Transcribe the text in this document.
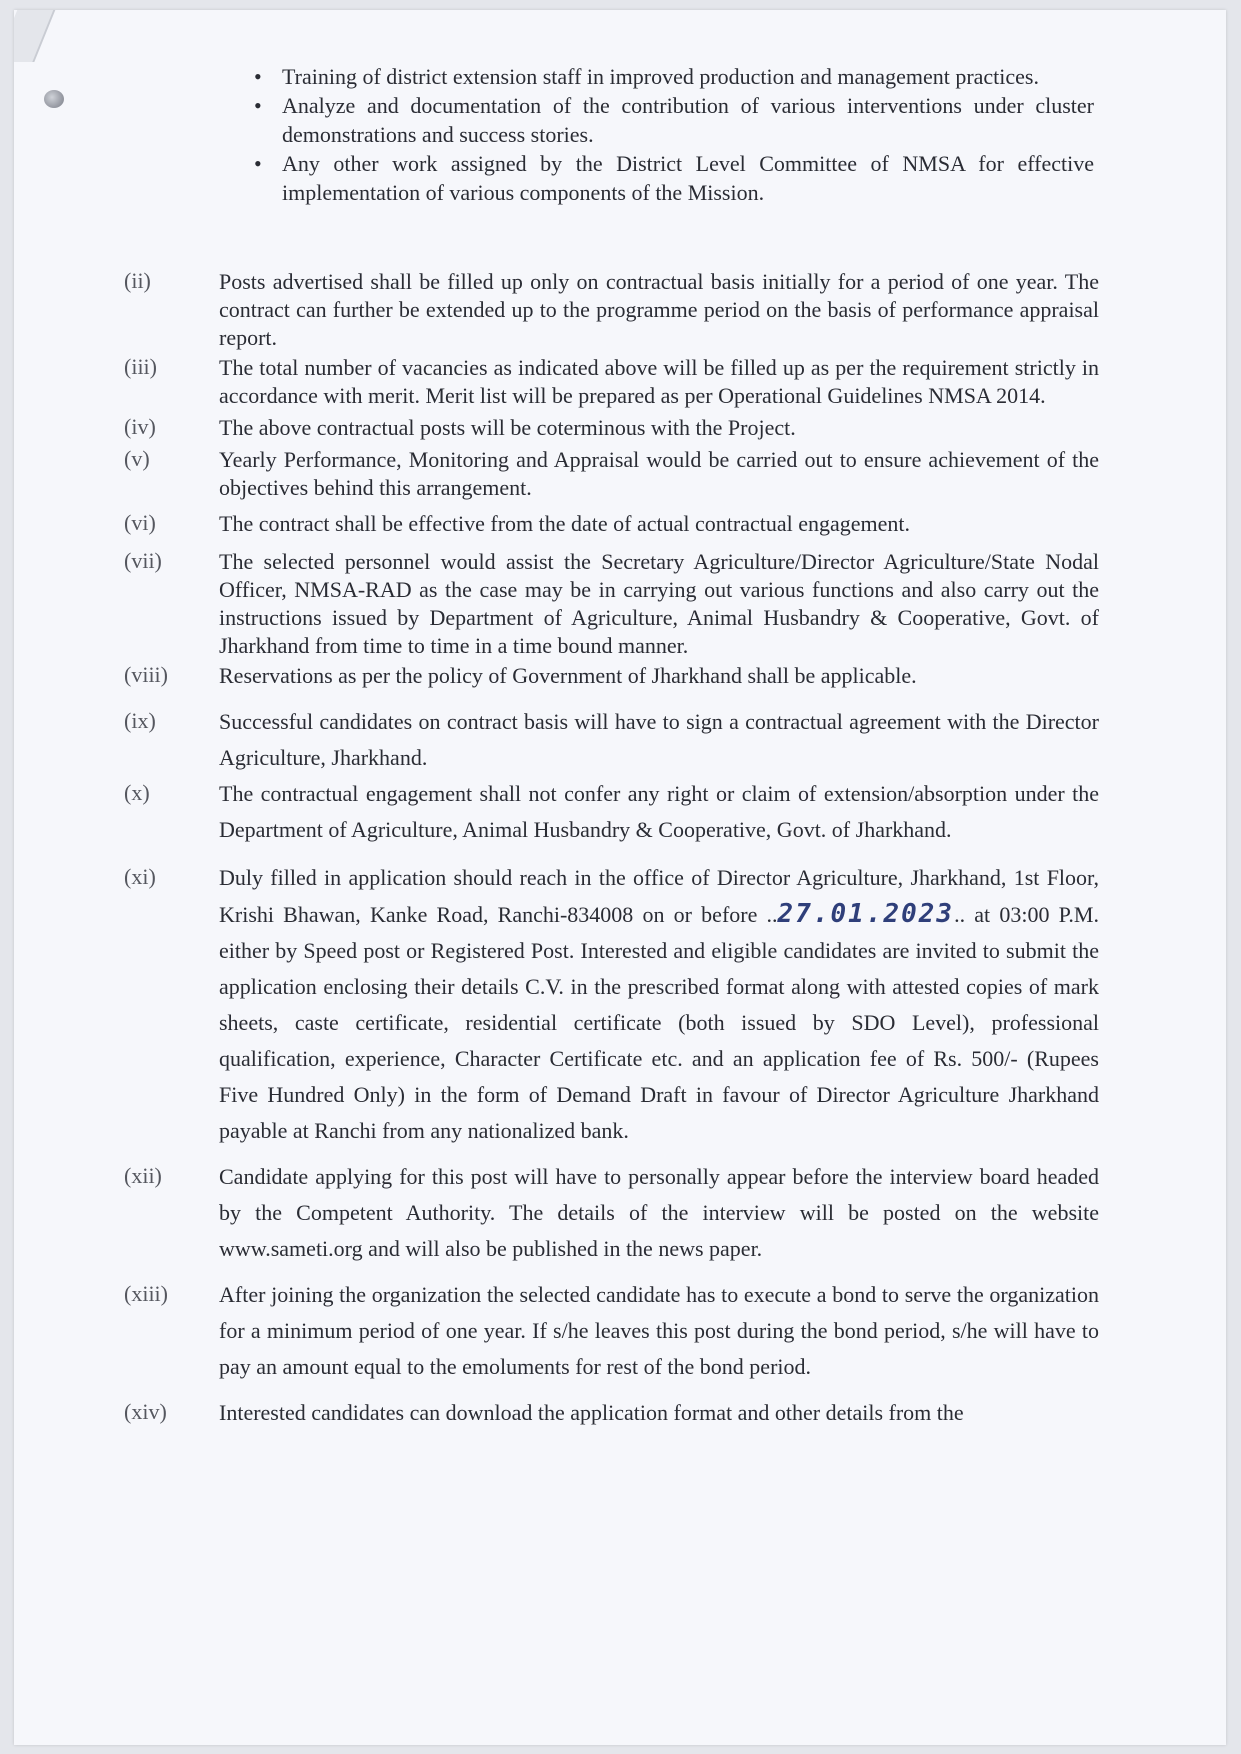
• Training of district extension staff in improved production and management practices.
• Analyze and documentation of the contribution of various interventions under cluster demonstrations and success stories.
• Any other work assigned by the District Level Committee of NMSA for effective implementation of various components of the Mission.
(ii)	Posts advertised shall be filled up only on contractual basis initially for a period of one year. The contract can further be extended up to the programme period on the basis of performance appraisal report.
(iii)	The total number of vacancies as indicated above will be filled up as per the requirement strictly in accordance with merit. Merit list will be prepared as per Operational Guidelines NMSA 2014.
(iv)	The above contractual posts will be coterminous with the Project.
(v)	Yearly Performance, Monitoring and Appraisal would be carried out to ensure achievement of the objectives behind this arrangement.
(vi)	The contract shall be effective from the date of actual contractual engagement.
(vii)	The selected personnel would assist the Secretary Agriculture/Director Agriculture/State Nodal Officer, NMSA-RAD as the case may be in carrying out various functions and also carry out the instructions issued by Department of Agriculture, Animal Husbandry & Cooperative, Govt. of Jharkhand from time to time in a time bound manner.
(viii)	Reservations as per the policy of Government of Jharkhand shall be applicable.
(ix)	Successful candidates on contract basis will have to sign a contractual agreement with the Director Agriculture, Jharkhand.
(x)	The contractual engagement shall not confer any right or claim of extension/absorption under the Department of Agriculture, Animal Husbandry & Cooperative, Govt. of Jharkhand.
(xi)	Duly filled in application should reach in the office of Director Agriculture, Jharkhand, 1st Floor, Krishi Bhawan, Kanke Road, Ranchi-834008 on or before ..27.01.2023.. at 03:00 P.M. either by Speed post or Registered Post. Interested and eligible candidates are invited to submit the application enclosing their details C.V. in the prescribed format along with attested copies of mark sheets, caste certificate, residential certificate (both issued by SDO Level), professional qualification, experience, Character Certificate etc. and an application fee of Rs. 500/- (Rupees Five Hundred Only) in the form of Demand Draft in favour of Director Agriculture Jharkhand payable at Ranchi from any nationalized bank.
(xii)	Candidate applying for this post will have to personally appear before the interview board headed by the Competent Authority. The details of the interview will be posted on the website www.sameti.org and will also be published in the news paper.
(xiii)	After joining the organization the selected candidate has to execute a bond to serve the organization for a minimum period of one year. If s/he leaves this post during the bond period, s/he will have to pay an amount equal to the emoluments for rest of the bond period.
(xiv)	Interested candidates can download the application format and other details from the
